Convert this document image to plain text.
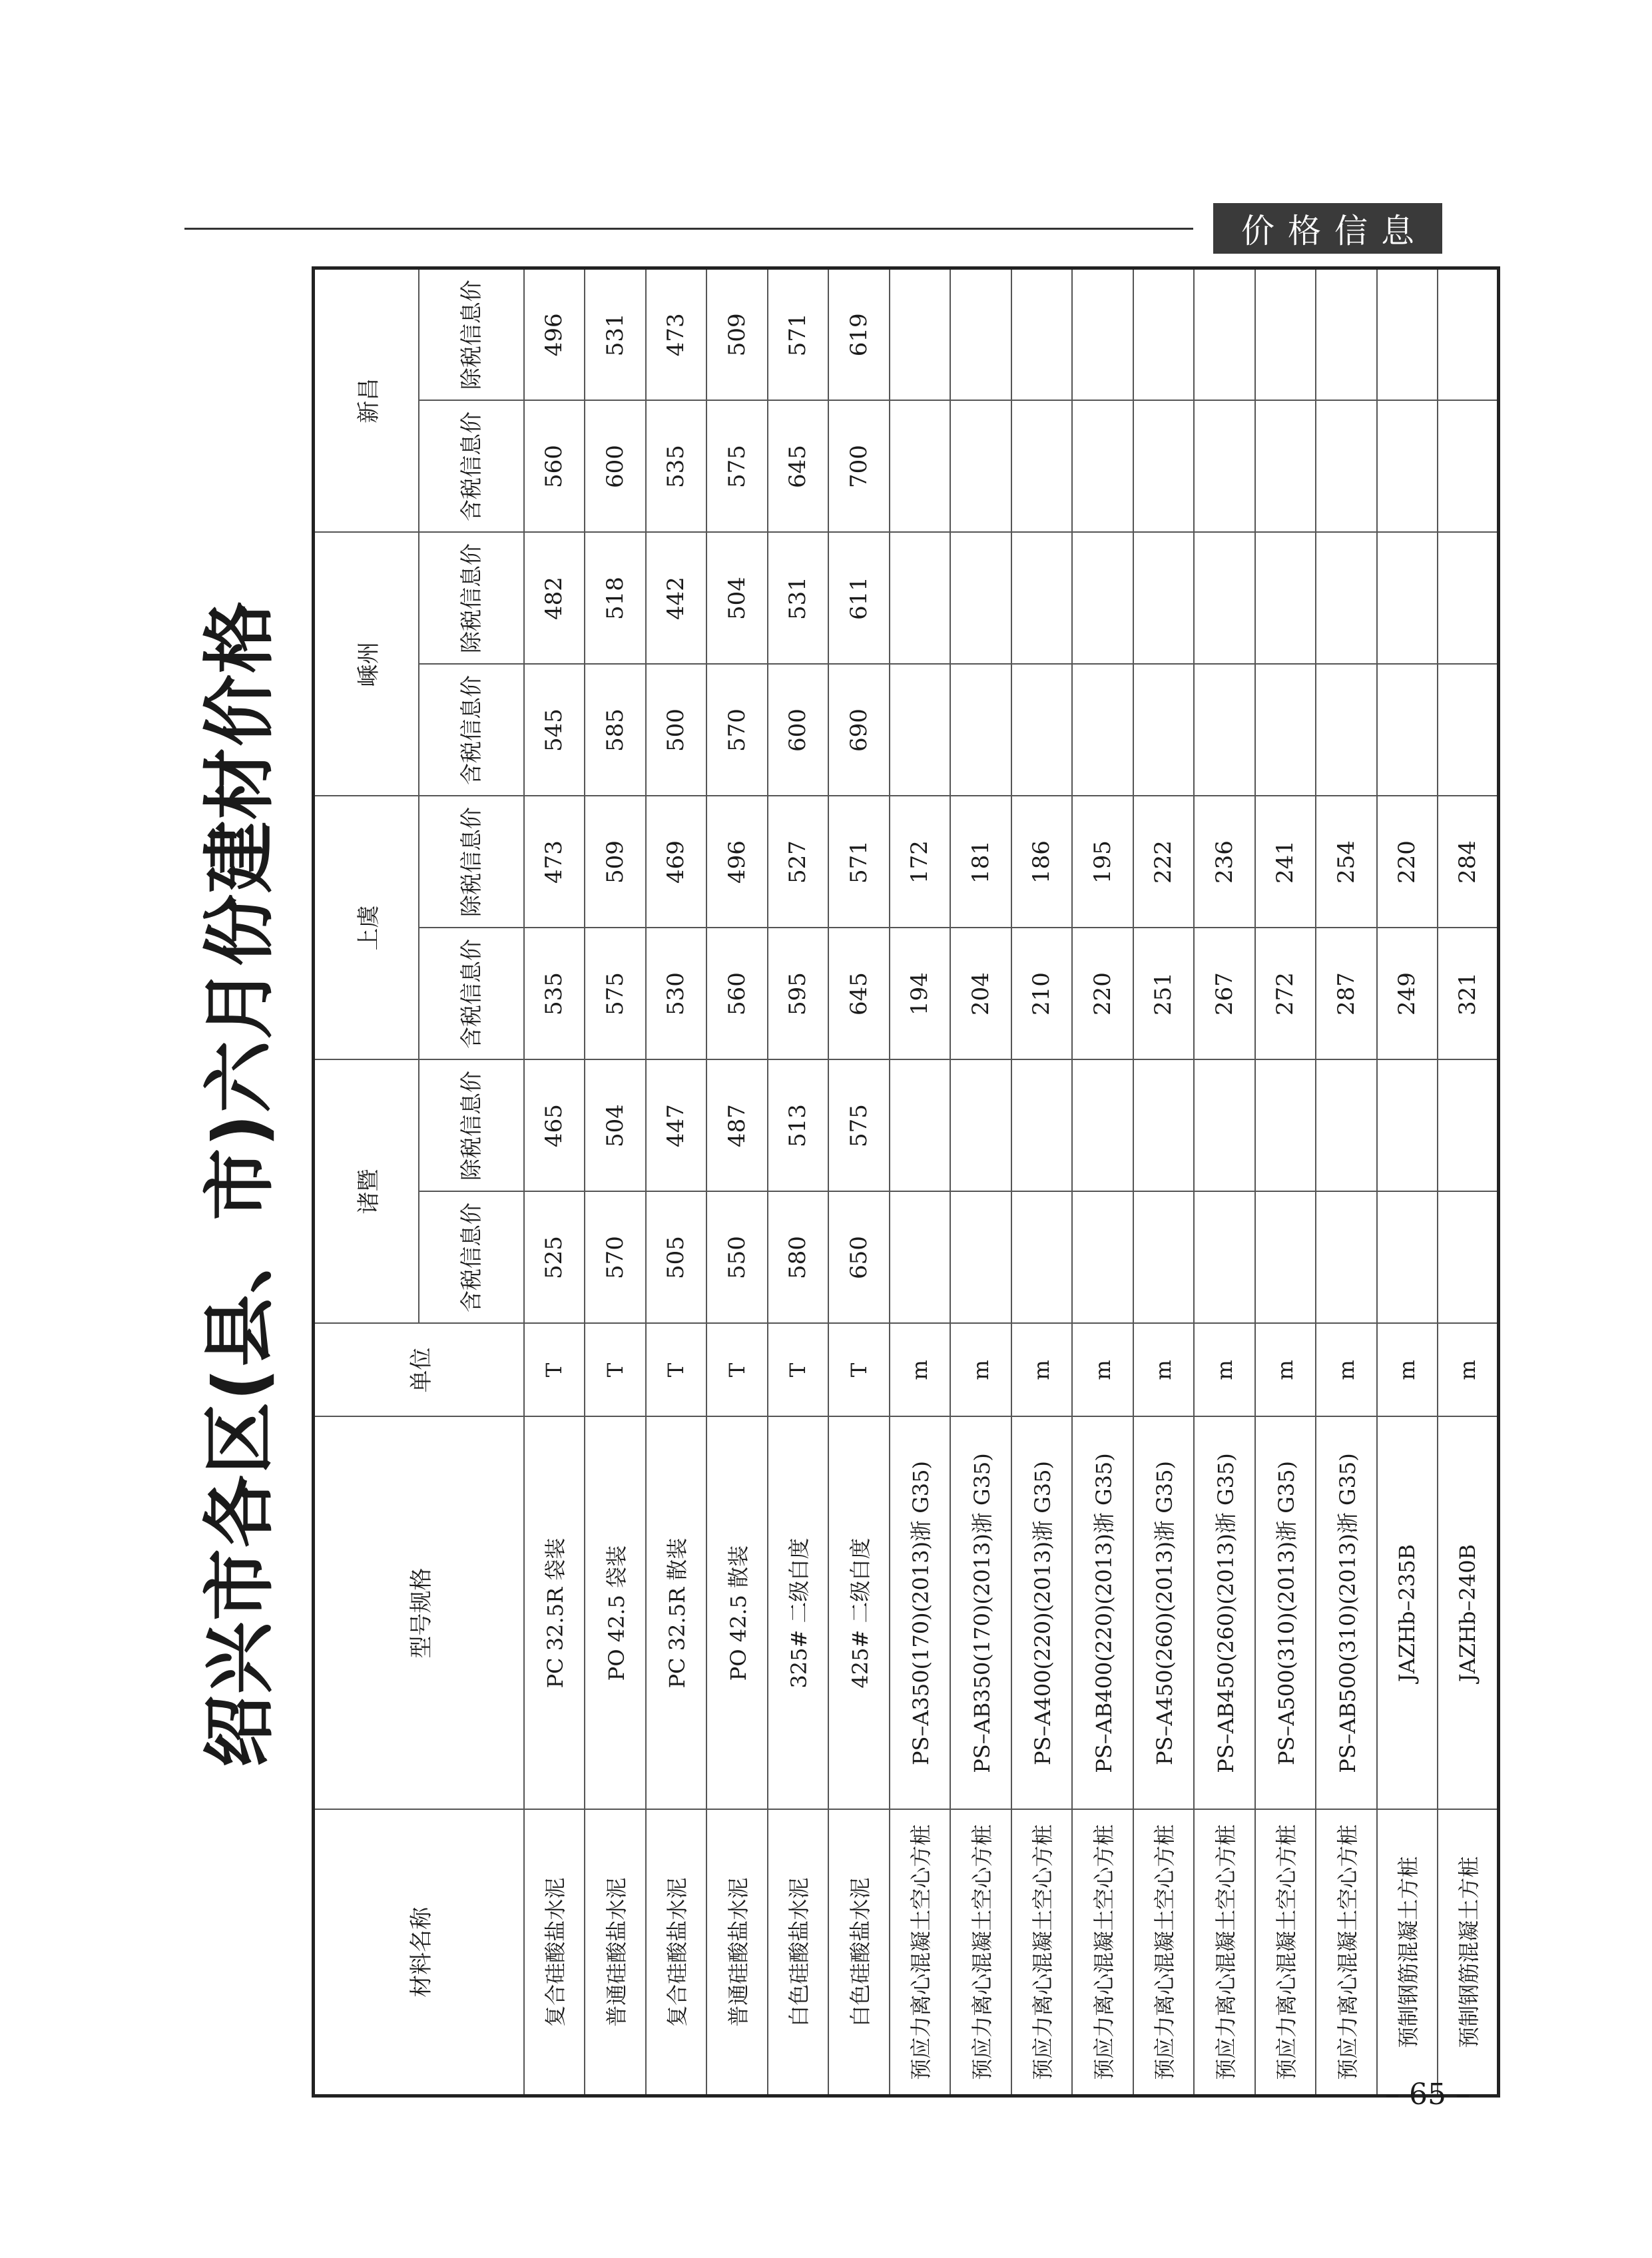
价格信息
绍兴市各区(县、市)六月份建材价格
材料名称	型号规格	单位	诸暨		上虞		嵊州		新昌	
			含税信息价	除税信息价	含税信息价	除税信息价	含税信息价	除税信息价	含税信息价	除税信息价
复合硅酸盐水泥	PC 32.5R 袋装	T	525	465	535	473	545	482	560	496
普通硅酸盐水泥	PO 42.5 袋装	T	570	504	575	509	585	518	600	531
复合硅酸盐水泥	PC 32.5R 散装	T	505	447	530	469	500	442	535	473
普通硅酸盐水泥	PO 42.5 散装	T	550	487	560	496	570	504	575	509
白色硅酸盐水泥	325# 二级白度	T	580	513	595	527	600	531	645	571
白色硅酸盐水泥	425# 二级白度	T	650	575	645	571	690	611	700	619
预应力离心混凝土空心方桩	PS–A350(170)(2013)浙 G35)	m			194	172				
预应力离心混凝土空心方桩	PS–AB350(170)(2013)浙 G35)	m			204	181				
预应力离心混凝土空心方桩	PS–A400(220)(2013)浙 G35)	m			210	186				
预应力离心混凝土空心方桩	PS–AB400(220)(2013)浙 G35)	m			220	195				
预应力离心混凝土空心方桩	PS–A450(260)(2013)浙 G35)	m			251	222				
预应力离心混凝土空心方桩	PS–AB450(260)(2013)浙 G35)	m			267	236				
预应力离心混凝土空心方桩	PS–A500(310)(2013)浙 G35)	m			272	241				
预应力离心混凝土空心方桩	PS–AB500(310)(2013)浙 G35)	m			287	254				
预制钢筋混凝土方桩	JAZHb–235B	m			249	220				
预制钢筋混凝土方桩	JAZHb–240B	m			321	284				
– 65 –
